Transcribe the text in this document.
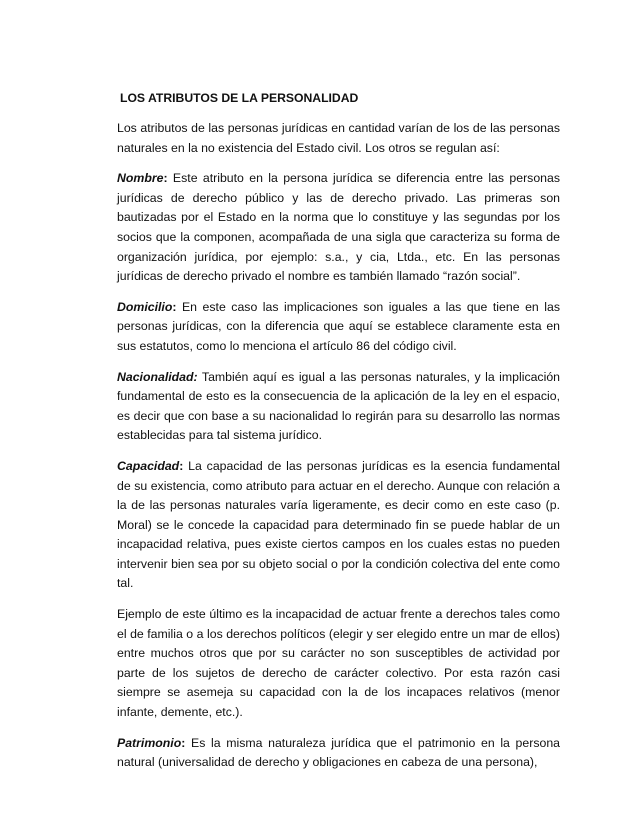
LOS ATRIBUTOS DE LA PERSONALIDAD

Los atributos de las personas jurídicas en cantidad varían de los de las personas naturales en la no existencia del Estado civil. Los otros se regulan así:

Nombre: Este atributo en la persona jurídica se diferencia entre las personas jurídicas de derecho público y las de derecho privado. Las primeras son bautizadas por el Estado en la norma que lo constituye y las segundas por los socios que la componen, acompañada de una sigla que caracteriza su forma de organización jurídica, por ejemplo: s.a., y cia, Ltda., etc. En las personas jurídicas de derecho privado el nombre es también llamado “razón social”.

Domicilio: En este caso las implicaciones son iguales a las que tiene en las personas jurídicas, con la diferencia que aquí se establece claramente esta en sus estatutos, como lo menciona el artículo 86 del código civil.

Nacionalidad: También aquí es igual a las personas naturales, y la implicación fundamental de esto es la consecuencia de la aplicación de la ley en el espacio, es decir que con base a su nacionalidad lo regirán para su desarrollo las normas establecidas para tal sistema jurídico.

Capacidad: La capacidad de las personas jurídicas es la esencia fundamental de su existencia, como atributo para actuar en el derecho. Aunque con relación a la de las personas naturales varía ligeramente, es decir como en este caso (p. Moral) se le concede la capacidad para determinado fin se puede hablar de un incapacidad relativa, pues existe ciertos campos en los cuales estas no pueden intervenir bien sea por su objeto social o por la condición colectiva del ente como tal.

Ejemplo de este último es la incapacidad de actuar frente a derechos tales como el de familia o a los derechos políticos (elegir y ser elegido entre un mar de ellos) entre muchos otros que por su carácter no son susceptibles de actividad por parte de los sujetos de derecho de carácter colectivo. Por esta razón casi siempre se asemeja su capacidad con la de los incapaces relativos (menor infante, demente, etc.).

Patrimonio: Es la misma naturaleza jurídica que el patrimonio en la persona natural (universalidad de derecho y obligaciones en cabeza de una persona),
